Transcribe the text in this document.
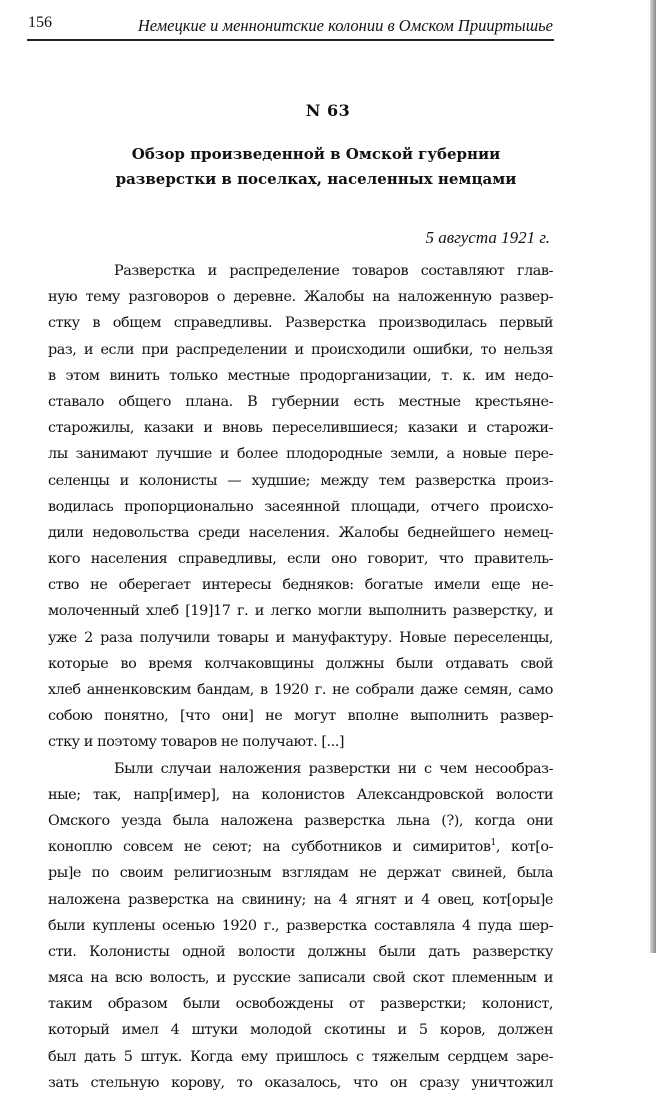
156	Немецкие и меннонитские колонии в Омском Прииртышье
N 63
Обзор произведенной в Омской губернии
разверстки в поселках, населенных немцами
5 августа 1921 г.
Разверстка и распределение товаров составляют глав-
ную тему разговоров о деревне. Жалобы на наложенную развер-
стку в общем справедливы. Разверстка производилась первый
раз, и если при распределении и происходили ошибки, то нельзя
в этом винить только местные продорганизации, т. к. им недо-
ставало общего плана. В губернии есть местные крестьяне-
старожилы, казаки и вновь переселившиеся; казаки и старожи-
лы занимают лучшие и более плодородные земли, а новые пере-
селенцы и колонисты — худшие; между тем разверстка произ-
водилась пропорционально засеянной площади, отчего происхо-
дили недовольства среди населения. Жалобы беднейшего немец-
кого населения справедливы, если оно говорит, что правитель-
ство не оберегает интересы бедняков: богатые имели еще не-
молоченный хлеб [19]17 г. и легко могли выполнить разверстку, и
уже 2 раза получили товары и мануфактуру. Новые переселенцы,
которые во время колчаковщины должны были отдавать свой
хлеб анненковским бандам, в 1920 г. не собрали даже семян, само
собою понятно, [что они] не могут вполне выполнить развер-
стку и поэтому товаров не получают. [...]
Были случаи наложения разверстки ни с чем несообраз-
ные; так, напр[имер], на колонистов Александровской волости
Омского уезда была наложена разверстка льна (?), когда они
коноплю совсем не сеют; на субботников и симиритов$^1$, кот[о-
ры]е по своим религиозным взглядам не держат свиней, была
наложена разверстка на свинину; на 4 ягнят и 4 овец, кот[оры]е
были куплены осенью 1920 г., разверстка составляла 4 пуда шер-
сти. Колонисты одной волости должны были дать разверстку
мяса на всю волость, и русские записали свой скот племенным и
таким образом были освобождены от разверстки; колонист,
который имел 4 штуки молодой скотины и 5 коров, должен
был дать 5 штук. Когда ему пришлось с тяжелым сердцем заре-
зать стельную корову, то оказалось, что он сразу уничтожил
